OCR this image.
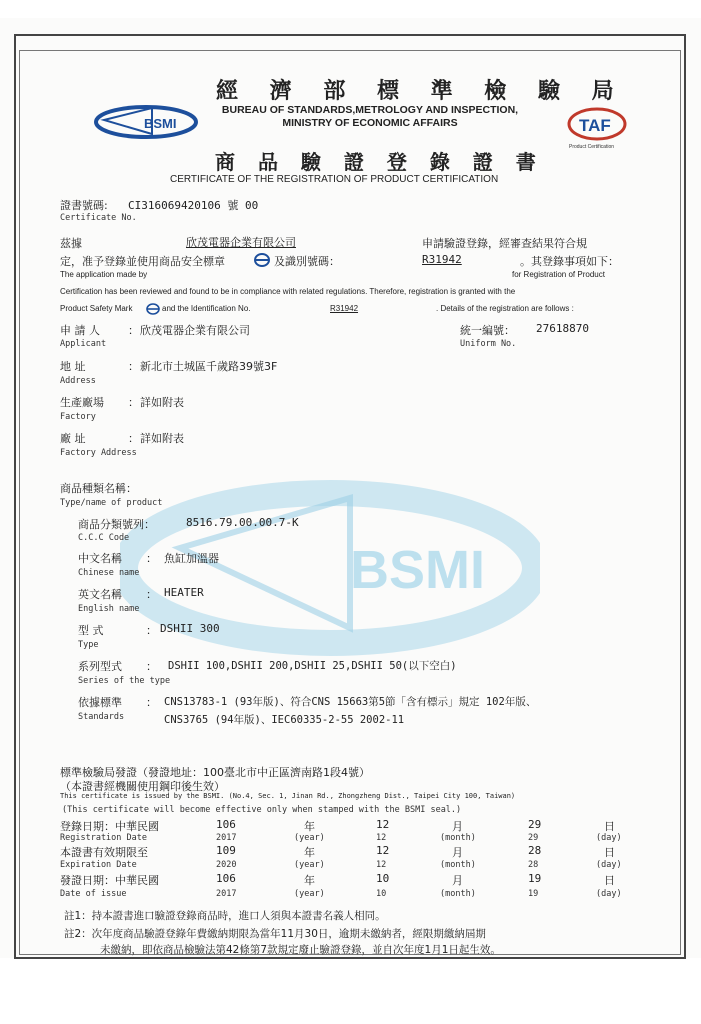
BSMI
BSMI
經 濟 部 標 準 檢 驗 局
BUREAU OF STANDARDS,METROLOGY AND INSPECTION,
MINISTRY OF ECONOMIC AFFAIRS	TAF
Product Certification
商 品 驗 證 登 錄 證 書
CERTIFICATE OF THE REGISTRATION OF PRODUCT CERTIFICATION
證書號碼: CI316069420106 號 00
Certificate No.
茲據	欣茂電器企業有限公司	申請驗證登錄，經審查結果符合規
定，准予登錄並使用商品安全標章	及識別號碼：	R31942	。其登錄事項如下：
The application made by	for Registration of Product
Certification has been reviewed and found to be in compliance with related regulations. Therefore, registration is granted with the
Product Safety Mark	and the Identification No.	R31942	. Details of the registration are follows :
申 請 人	： 欣茂電器企業有限公司
Applicant
統一編號： 27618870
Uniform No.
地 址	： 新北市土城區千歲路39號3F
Address
生產廠場 ： 詳如附表
Factory
廠 址	： 詳如附表
Factory Address
商品種類名稱：
Type/name of product
商品分類號列：	8516.79.00.00.7-K
C.C.C Code
中文名稱 ： 魚缸加溫器
Chinese name
英文名稱 ： HEATER
English name
型 式	： DSHII 300
Type
系列型式 ： DSHII 100,DSHII 200,DSHII 25,DSHII 50(以下空白)
Series of the type
依據標準 ： CNS13783-1 (93年版)、符合CNS 15663第5節「含有標示」規定 102年版、
CNS3765 (94年版)、IEC60335-2-55 2002-11
Standards
標準檢驗局發證（發證地址：100臺北市中正區濟南路1段4號）
（本證書經機關使用鋼印後生效）
This certificate is issued by the BSMI. (No.4, Sec. 1, Jinan Rd., Zhongzheng Dist., Taipei City 100, Taiwan)
(This certificate will become effective only when stamped with the BSMI seal.)
登錄日期：中華民國	106	年	12	月	29	日
Registration Date	2017	(year)	12	(month)	29	(day)
本證書有效期限至	109	年	12	月	28	日
Expiration Date	2020	(year)	12	(month)	28	(day)
發證日期：中華民國	106	年	10	月	19	日
Date of issue	2017	(year)	10	(month)	19	(day)
註1：持本證書進口驗證登錄商品時，進口人須與本證書名義人相同。
註2：次年度商品驗證登錄年費繳納期限為當年11月30日，逾期未繳納者，經限期繳納屆期
未繳納，即依商品檢驗法第42條第7款規定廢止驗證登錄，並自次年度1月1日起生效。
